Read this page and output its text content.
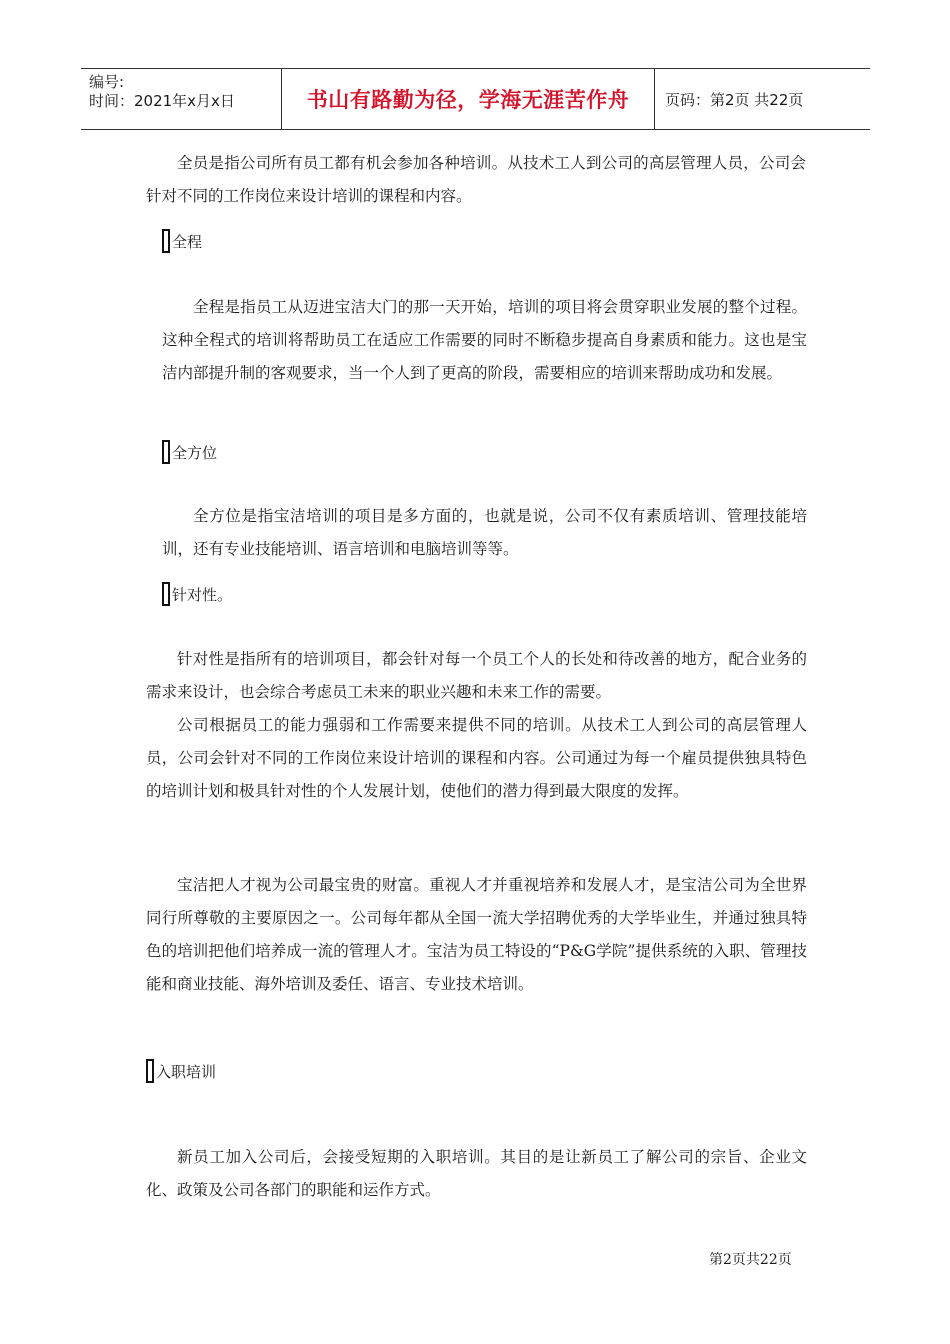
编号:
时间：2021年x月x日	书山有路勤为径，学海无涯苦作舟	页码：第2页 共22页

全员是指公司所有员工都有机会参加各种培训。从技术工人到公司的高层管理人员，公司会针对不同的工作岗位来设计培训的课程和内容。

全程

全程是指员工从迈进宝洁大门的那一天开始，培训的项目将会贯穿职业发展的整个过程。这种全程式的培训将帮助员工在适应工作需要的同时不断稳步提高自身素质和能力。这也是宝洁内部提升制的客观要求，当一个人到了更高的阶段，需要相应的培训来帮助成功和发展。

全方位

全方位是指宝洁培训的项目是多方面的，也就是说，公司不仅有素质培训、管理技能培训，还有专业技能培训、语言培训和电脑培训等等。

针对性 。

针对性是指所有的培训项目，都会针对每一个员工个人的长处和待改善的地方，配合业务的需求来设计，也会综合考虑员工未来的职业兴趣和未来工作的需要。

公司根据员工的能力强弱和工作需要来提供不同的培训。从技术工人到公司的高层管理人员，公司会针对不同的工作岗位来设计培训的课程和内容。公司通过为每一个雇员提供独具特色的培训计划和极具针对性的个人发展计划，使他们的潜力得到最大限度的发挥。

宝洁把人才视为公司最宝贵的财富。重视人才并重视培养和发展人才，是宝洁公司为全世界同行所尊敬的主要原因之一。公司每年都从全国一流大学招聘优秀的大学毕业生，并通过独具特色的培训把他们培养成一流的管理人才。宝洁为员工特设的“P&G学院”提供系统的入职、管理技能和商业技能、海外培训及委任、语言、专业技术培训。

入职培训

新员工加入公司后，会接受短期的入职培训。其目的是让新员工了解公司的宗旨、企业文化、政策及公司各部门的职能和运作方式。

第2页共22页
